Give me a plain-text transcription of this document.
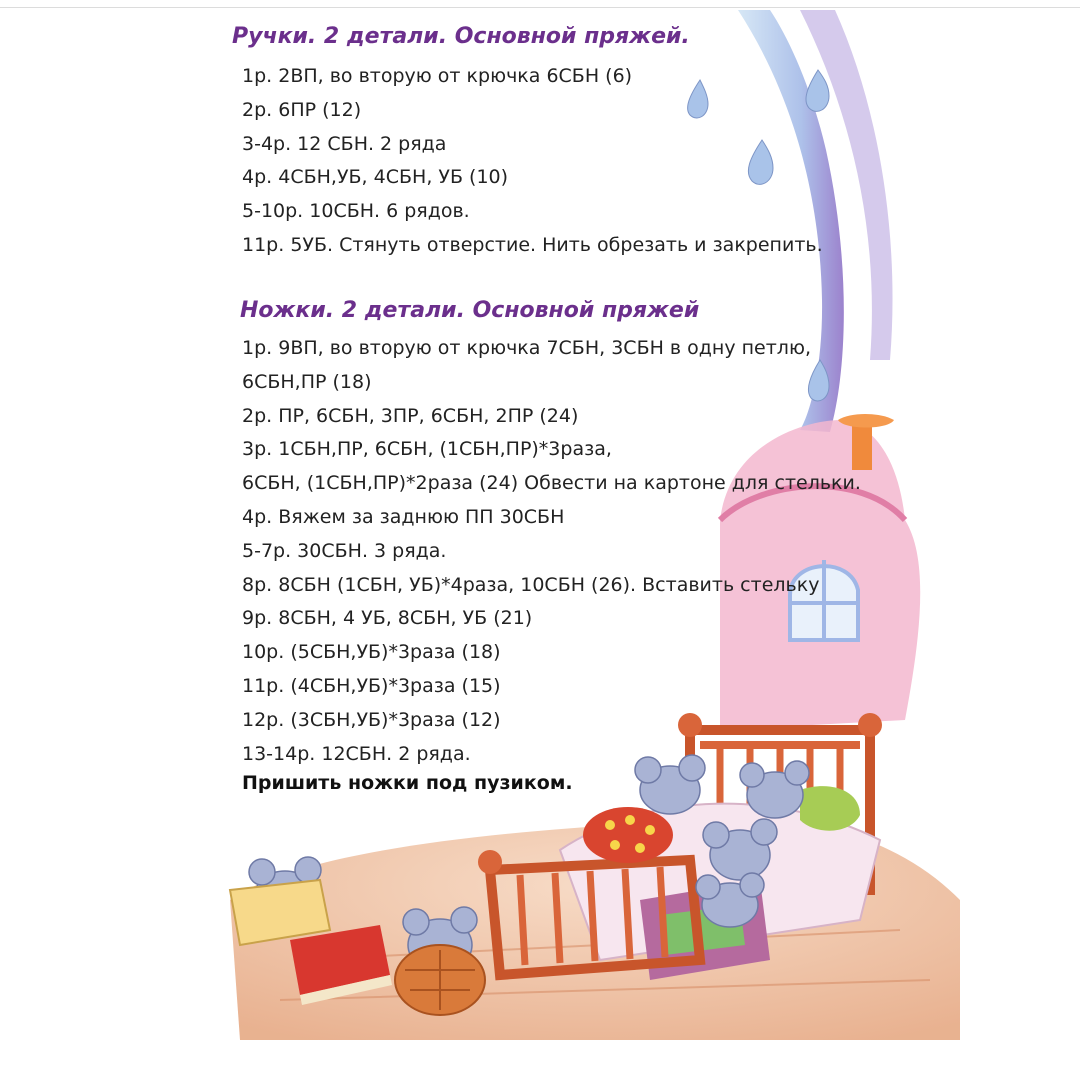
Ручки. 2 детали. Основной пряжей.
1р. 2ВП, во вторую от крючка 6СБН (6)
2р. 6ПР (12)
3-4р. 12 СБН. 2 ряда
4р. 4СБН,УБ, 4СБН, УБ (10)
5-10р. 10СБН. 6 рядов.
11р. 5УБ. Стянуть отверстие. Нить обрезать и закрепить.
Ножки. 2 детали. Основной пряжей
1р. 9ВП, во вторую от крючка 7СБН, 3СБН в одну петлю,
6СБН,ПР (18)
2р. ПР, 6СБН, 3ПР, 6СБН, 2ПР (24)
3р. 1СБН,ПР, 6СБН, (1СБН,ПР)*3раза,
6СБН, (1СБН,ПР)*2раза (24) Обвести на картоне для стельки.
4р. Вяжем за заднюю ПП 30СБН
5-7р. 30СБН. 3 ряда.
8р. 8СБН (1СБН, УБ)*4раза, 10СБН (26). Вставить стельку
9р. 8СБН, 4 УБ, 8СБН, УБ (21)
10р. (5СБН,УБ)*3раза (18)
11р. (4СБН,УБ)*3раза (15)
12р. (3СБН,УБ)*3раза (12)
13-14р. 12СБН. 2 ряда.

Пришить ножки под пузиком.
